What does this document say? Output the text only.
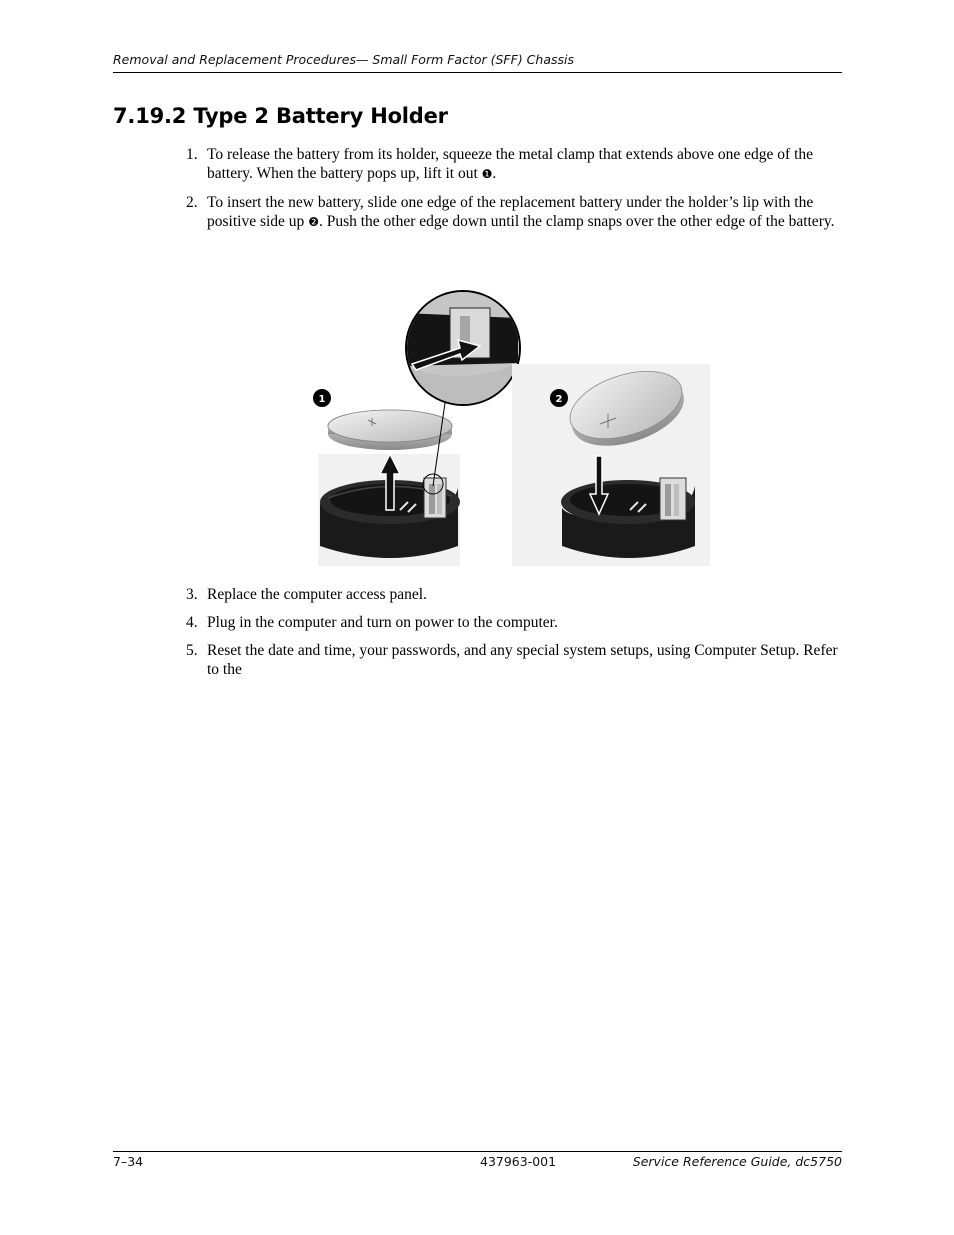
Removal and Replacement Procedures— Small Form Factor (SFF) Chassis
7.19.2 Type 2 Battery Holder
1. To release the battery from its holder, squeeze the metal clamp that extends above one edge of the battery. When the battery pops up, lift it out ❶.
2. To insert the new battery, slide one edge of the replacement battery under the holder’s lip with the positive side up ❷. Push the other edge down until the clamp snaps over the other edge of the battery.
1	2
3. Replace the computer access panel.
4. Plug in the computer and turn on power to the computer.
5. Reset the date and time, your passwords, and any special system setups, using Computer Setup. Refer to the
7–34	437963-001	Service Reference Guide, dc5750
